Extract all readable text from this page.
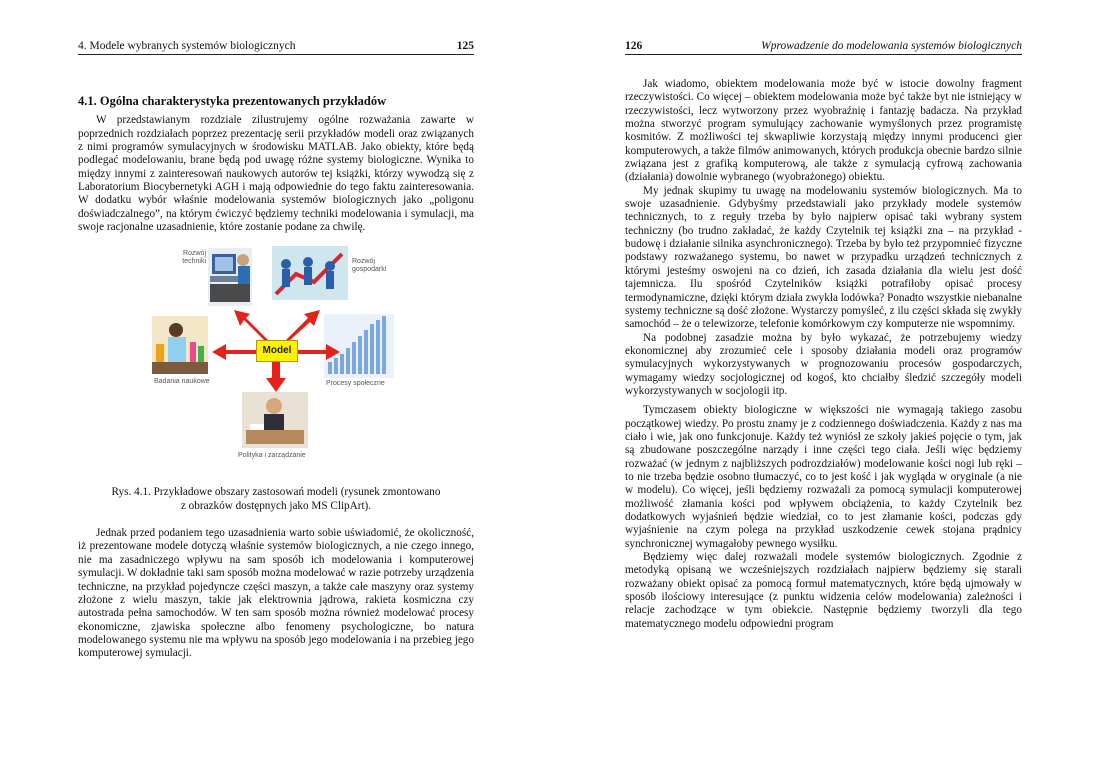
4. Modele wybranych systemów biologicznych	125
4.1. Ogólna charakterystyka prezentowanych przykładów

W przedstawianym rozdziale zilustrujemy ogólne rozważania zawarte w poprzednich rozdziałach poprzez prezentację serii przykładów modeli oraz związanych z nimi programów symulacyjnych w środowisku MATLAB. Jako obiekty, które będą podlegać modelowaniu, brane będą pod uwagę różne systemy biologiczne. Wynika to między innymi z zainteresowań naukowych autorów tej książki, którzy wywodzą się z Laboratorium Biocybernetyki AGH i mają odpowiednie do tego faktu zainteresowania. W dodatku wybór właśnie modelowania systemów biologicznych jako „poligonu doświadczalnego”, na którym ćwiczyć będziemy techniki modelowania i symulacji, ma swoje racjonalne uzasadnienie, które zostanie podane za chwilę.

Model
Rozwój techniki	Rozwój gospodarki
Badania naukowe	Procesy społeczne
Polityka i zarządzanie
Rys. 4.1. Przykładowe obszary zastosowań modeli (rysunek zmontowano
z obrazków dostępnych jako MS ClipArt).

Jednak przed podaniem tego uzasadnienia warto sobie uświadomić, że okoliczność, iż prezentowane modele dotyczą właśnie systemów biologicznych, a nie czego innego, nie ma zasadniczego wpływu na sam sposób ich modelowania i komputerowej symulacji. W dokładnie taki sam sposób można modelować w razie potrzeby urządzenia techniczne, na przykład pojedyncze części maszyn, a także całe maszyny oraz systemy złożone z wielu maszyn, takie jak elektrownia jądrowa, rakieta kosmiczna czy autostrada pełna samochodów. W ten sam sposób można również modelować procesy ekonomiczne, zjawiska społeczne albo fenomeny psychologiczne, bo natura modelowanego systemu nie ma wpływu na sposób jego modelowania i na przebieg jego komputerowej symulacji.

126	Wprowadzenie do modelowania systemów biologicznych

Jak wiadomo, obiektem modelowania może być w istocie dowolny fragment rzeczywistości. Co więcej – obiektem modelowania może być także byt nie istniejący w rzeczywistości, lecz wytworzony przez wyobraźnię i fantazję badacza. Na przykład można stworzyć program symulujący zachowanie wymyślonych przez programistę kosmitów. Z możliwości tej skwapliwie korzystają między innymi producenci gier komputerowych, a także filmów animowanych, których produkcja obecnie bardzo silnie związana jest z grafiką komputerową, ale także z symulacją cyfrową zachowania (działania) dowolnie wybranego (wyobrażonego) obiektu.

My jednak skupimy tu uwagę na modelowaniu systemów biologicznych. Ma to swoje uzasadnienie. Gdybyśmy przedstawiali jako przykłady modele systemów technicznych, to z reguły trzeba by było najpierw opisać taki wybrany system techniczny (bo trudno zakładać, że każdy Czytelnik tej książki zna – na przykład - budowę i działanie silnika asynchronicznego). Trzeba by było też przypomnieć fizyczne podstawy rozważanego systemu, bo nawet w przypadku urządzeń technicznych z którymi jesteśmy oswojeni na co dzień, ich zasada działania dla wielu jest dość tajemnicza. Ilu spośród Czytelników książki potrafiłoby opisać procesy termodynamiczne, dzięki którym działa zwykła lodówka? Ponadto wszystkie niebanalne systemy techniczne są dość złożone. Wystarczy pomyśleć, z ilu części składa się zwykły samochód – że o telewizorze, telefonie komórkowym czy komputerze nie wspomnimy.

Na podobnej zasadzie można by było wykazać, że potrzebujemy wiedzy ekonomicznej aby zrozumieć cele i sposoby działania modeli oraz programów symulacyjnych wykorzystywanych w prognozowaniu procesów gospodarczych, wymagamy wiedzy socjologicznej od kogoś, kto chciałby śledzić szczegóły modeli wykorzystywanych w socjologii itp.

Tymczasem obiekty biologiczne w większości nie wymagają takiego zasobu początkowej wiedzy. Po prostu znamy je z codziennego doświadczenia. Każdy z nas ma ciało i wie, jak ono funkcjonuje. Każdy też wyniósł ze szkoły jakieś pojęcie o tym, jak są zbudowane poszczególne narządy i inne części tego ciała. Jeśli więc będziemy rozważać (w jednym z najbliższych podrozdziałów) modelowanie kości nogi lub ręki – to nie trzeba będzie osobno tłumaczyć, co to jest kość i jak wygląda w oryginale (a nie w modelu). Co więcej, jeśli będziemy rozważali za pomocą symulacji komputerowej możliwość złamania kości pod wpływem obciążenia, to każdy Czytelnik bez dodatkowych wyjaśnień będzie wiedział, co to jest złamanie kości, podczas gdy wyjaśnienie na czym polega na przykład uszkodzenie cewek stojana prądnicy synchronicznej wymagałoby pewnego wysiłku.

Będziemy więc dalej rozważali modele systemów biologicznych. Zgodnie z metodyką opisaną we wcześniejszych rozdziałach najpierw będziemy się starali rozważany obiekt opisać za pomocą formuł matematycznych, które będą ujmowały w sposób ilościowy interesujące (z punktu widzenia celów modelowania) zależności i relacje zachodzące w tym obiekcie. Następnie będziemy tworzyli dla tego matematycznego modelu odpowiedni program
